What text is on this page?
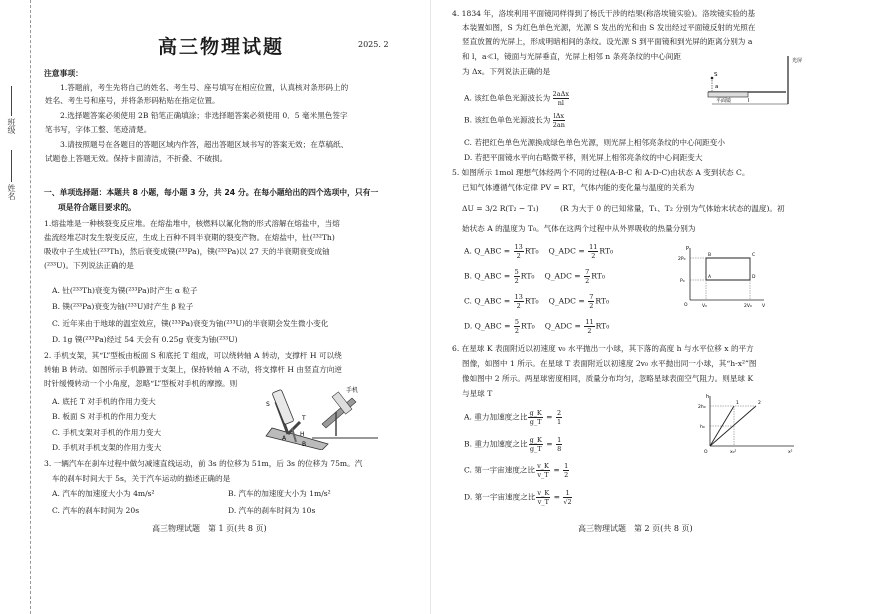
班级
姓名
高三物理试题	2025. 2
注意事项：
1.答题前，考生先将自己的姓名、考生号、座号填写在相应位置，认真核对条形码上的
姓名、考生号和座号，并将条形码粘贴在指定位置。
2.选择题答案必须使用 2B 铅笔正确填涂；非选择题答案必须使用 0．5 毫米黑色签字
笔书写，字体工整、笔迹清楚。
3.请按照题号在各题目的答题区域内作答，超出答题区域书写的答案无效；在草稿纸、
试题卷上答题无效。保持卡面清洁，不折叠、不破损。
一、单项选择题：本题共 8 小题，每小题 3 分，共 24 分。在每小题给出的四个选项中，只有一
项是符合题目要求的。
1.熔盐堆是一种核裂变反应堆。在熔盐堆中，核燃料以氟化物的形式溶解在熔盐中，当熔
盐流经堆芯时发生裂变反应，生成上百种不同半衰期的裂变产物。在熔盐中，钍(²³²Th)
吸收中子生成钍(²³³Th)，然后衰变成镤(²³³Pa)，镤(²³³Pa)以 27 天的半衰期衰变成铀
(²³³U)。下列说法正确的是
A. 钍(²³³Th)衰变为镤(²³³Pa)时产生 α 粒子
B. 镤(²³³Pa)衰变为铀(²³³U)时产生 β 粒子
C. 近年来由于地球的温室效应，镤(²³³Pa)衰变为铀(²³³U)的半衰期会发生微小变化
D. 1g 镤(²³³Pa)经过 54 天会有 0.25g 衰变为铀(²³³U)
2. 手机支架，其“L”型板由板面 S 和底托 T 组成，可以绕转轴 A 转动，支撑杆 H 可以绕
转轴 B 转动。如图所示手机静置于支架上，保持转轴 A 不动，将支撑杆 H 由竖直方向逆
时针缓慢转动一个小角度，忽略“L”型板对手机的摩擦。则
A. 底托 T 对手机的作用力变大
B. 板面 S 对手机的作用力变大
C. 手机支架对手机的作用力变大
D. 手机对手机支架的作用力变大
S
T
A
H
B
手机
3. 一辆汽车在刹车过程中做匀减速直线运动，前 3s 的位移为 51m，后 3s 的位移为 75m。汽
车的刹车时间大于 5s，关于汽车运动的描述正确的是
A. 汽车的加速度大小为 4m/s²	B. 汽车的加速度大小为 1m/s²
C. 汽车的刹车时间为 20s	D. 汽车的刹车时间为 10s
高三物理试题　第 1 页(共 8 页)
4. 1834 年，洛埃利用平面镜同样得到了杨氏干涉的结果(称洛埃镜实验)。洛埃镜实验的基
本装置如图，S 为红色单色光源，光源 S 发出的光和由 S 发出经过平面镜反射的光照在
竖直放置的光屏上，形成明暗相间的条纹。设光源 S 到平面镜和到光屏的距离分别为 a
和 l，a≪l，镜面与光屏垂直，光屏上相邻 n 条亮条纹的中心间距
为 Δx。下列说法正确的是
A. 该红色单色光源波长为 2aΔx
nl
B. 该红色单色光源波长为 lΔx
2an
C. 若把红色单色光源换成绿色单色光源，则光屏上相邻亮条纹的中心间距变小
D. 若把平面镜水平向右略微平移，则光屏上相邻亮条纹的中心间距变大
S
a
平面镜	l
光屏
5. 如图所示 1mol 理想气体经两个不同的过程(A-B-C 和 A-D-C)由状态 A 变到状态 C。
已知气体遵循气体定律 PV = RT，气体内能的变化量与温度的关系为
ΔU = 3/2 R(T₂ − T₁)	(R 为大于 0 的已知常量，T₁、T₂ 分别为气体始末状态的温度)。初
始状态 A 的温度为 T₀。气体在这两个过程中从外界吸收的热量分别为
A. Q_ABC = $\frac{13}{2} RT_0$　 Q_ADC = $\frac{11}{2} RT_0$
B. Q_ABC = $\frac{5}{2} RT_0$　 Q_ADC = $\frac{7}{2} RT_0$
C. Q_ABC = $\frac{13}{2} RT_0$　 Q_ADC = $\frac{7}{2} RT_0$
D. Q_ABC = $\frac{5}{2} RT_0$　 Q_ADC = $\frac{11}{2} RT_0$
P
2P₀
P₀
O	V₀	2V₀ V
A
B	C
D
6. 在星球 K 表面附近以初速度 v₀ 水平抛出一小球，其下落的高度 h 与水平位移 x 的平方
图像，如图中 1 所示。在星球 T 表面附近以初速度 2v₀ 水平抛出同一小球，其“h-x²”图
像如图中 2 所示。两星球密度相同，质量分布均匀，忽略星球表面空气阻力。则星球 K
与星球 T
A. 重力加速度之比 $\frac{g\_K}{g\_T} = \frac{2}{1}$
B. 重力加速度之比 $\frac{g\_K}{g\_T} = \frac{1}{8}$
C. 第一宇宙速度之比 $\frac{v\_K}{v\_T} = \frac{1}{2}$
D. 第一宇宙速度之比 $\frac{v\_K}{v\_T} = \frac{1}{√2}$
h
2h₀
h₀
O	x₀²	x²
1	2
高三物理试题　第 2 页(共 8 页)
